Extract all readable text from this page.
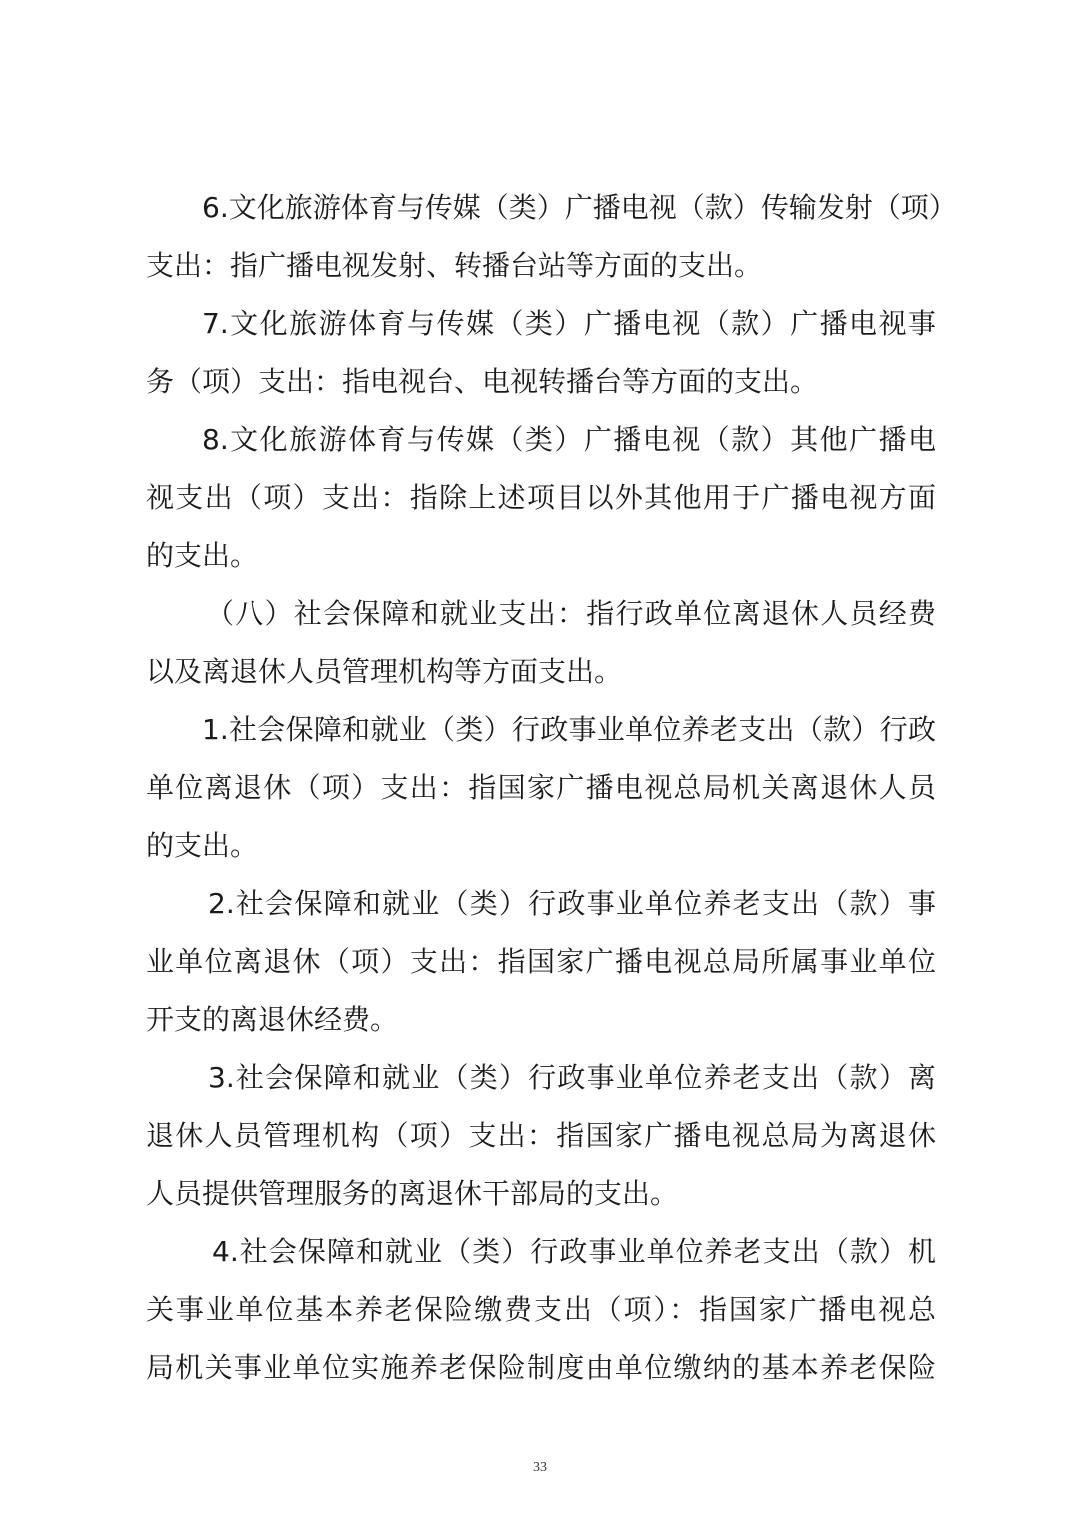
6.文化旅游体育与传媒（类）广播电视（款）传输发射（项）
支出：指广播电视发射、转播台站等方面的支出。
7.文化旅游体育与传媒（类）广播电视（款）广播电视事
务（项）支出：指电视台、电视转播台等方面的支出。
8.文化旅游体育与传媒（类）广播电视（款）其他广播电
视支出（项）支出：指除上述项目以外其他用于广播电视方面
的支出。
（八）社会保障和就业支出：指行政单位离退休人员经费
以及离退休人员管理机构等方面支出。
1.社会保障和就业（类）行政事业单位养老支出（款）行政
单位离退休（项）支出：指国家广播电视总局机关离退休人员
的支出。
2.社会保障和就业（类）行政事业单位养老支出（款）事
业单位离退休（项）支出：指国家广播电视总局所属事业单位
开支的离退休经费。
3.社会保障和就业（类）行政事业单位养老支出（款）离
退休人员管理机构（项）支出：指国家广播电视总局为离退休
人员提供管理服务的离退休干部局的支出。
4.社会保障和就业（类）行政事业单位养老支出（款）机
关事业单位基本养老保险缴费支出（项）：指国家广播电视总
局机关事业单位实施养老保险制度由单位缴纳的基本养老保险
33
